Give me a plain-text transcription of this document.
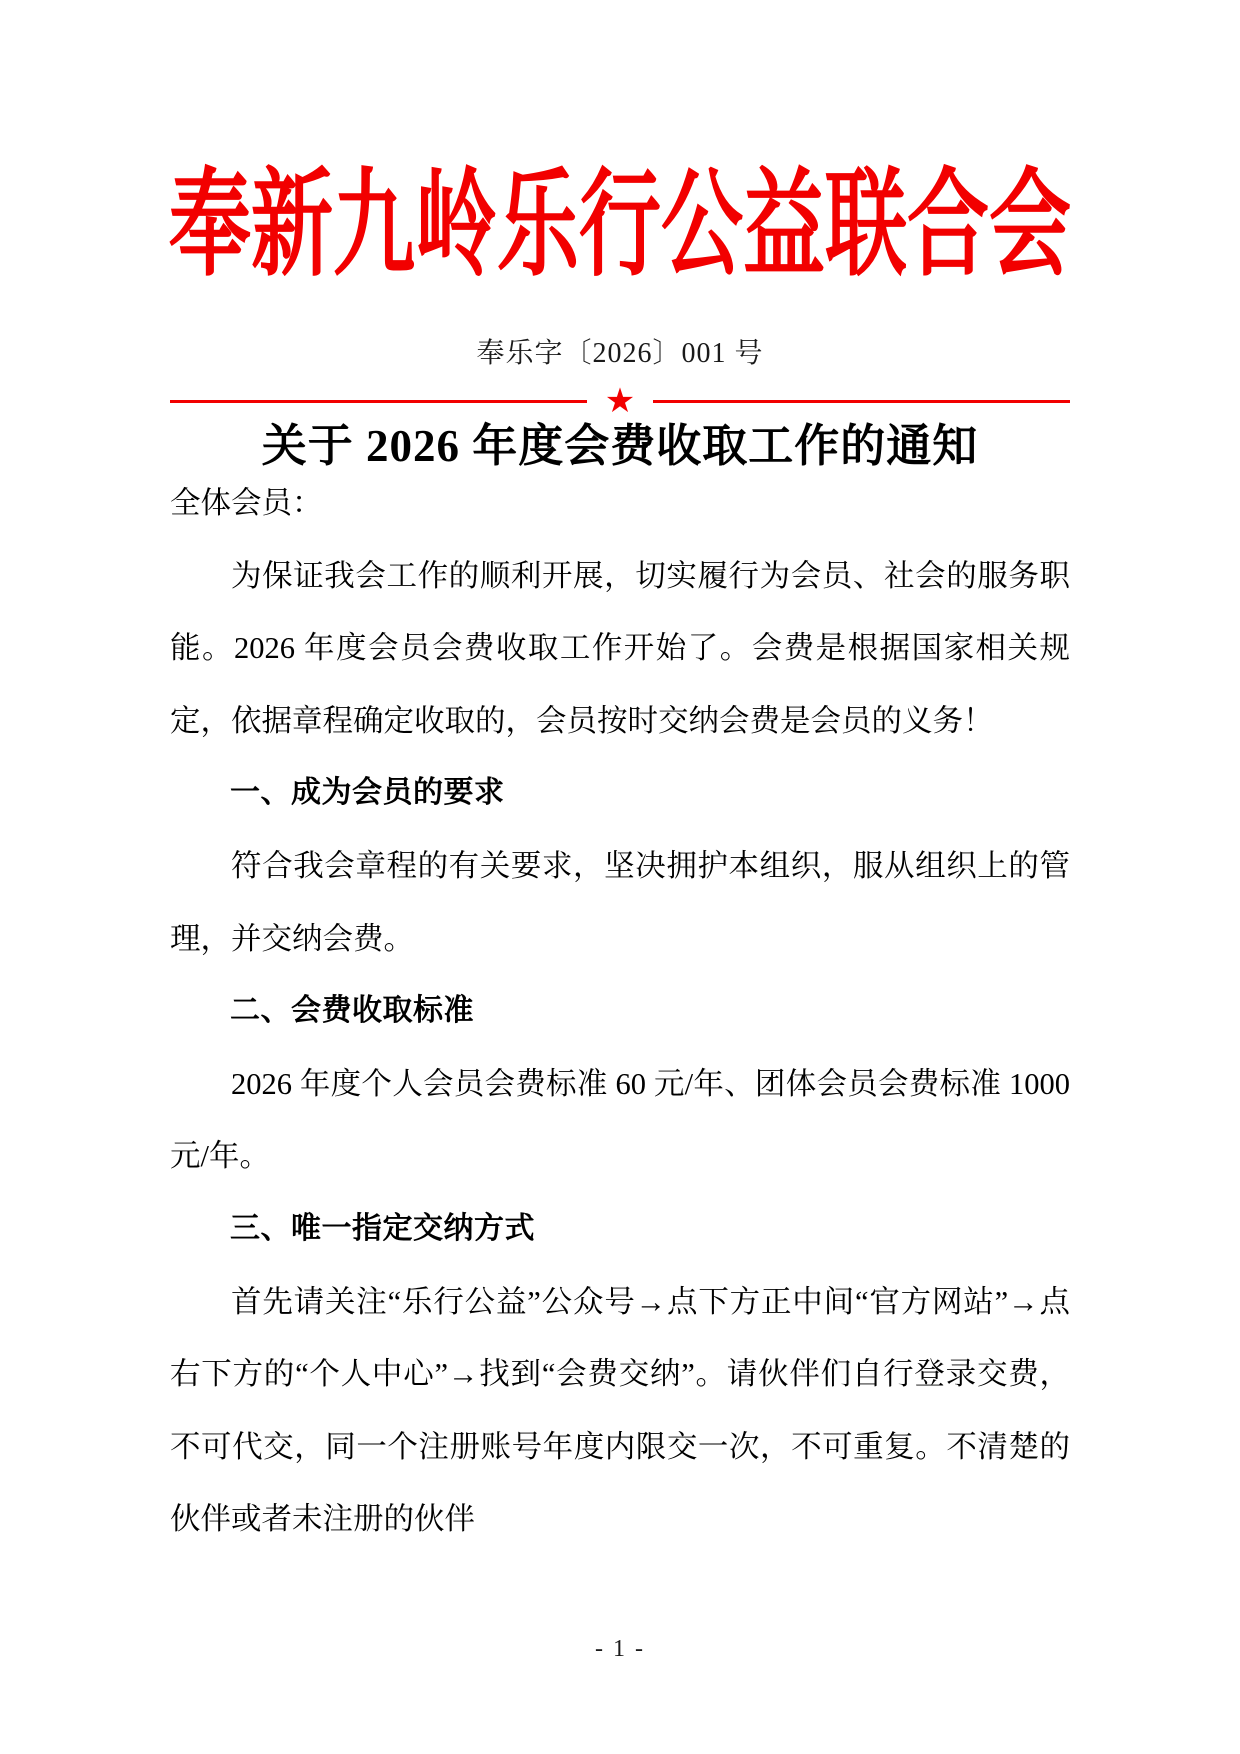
奉新九岭乐行公益联合会
奉乐字〔2026〕001 号
★
关于 2026 年度会费收取工作的通知

全体会员：

为保证我会工作的顺利开展，切实履行为会员、社会的服务职能。2026 年度会员会费收取工作开始了。会费是根据国家相关规定，依据章程确定收取的，会员按时交纳会费是会员的义务！

一、成为会员的要求

符合我会章程的有关要求，坚决拥护本组织，服从组织上的管理，并交纳会费。

二、会费收取标准

2026 年度个人会员会费标准 60 元/年、团体会员会费标准 1000 元/年。

三、唯一指定交纳方式

首先请关注“乐行公益”公众号→点下方正中间“官方网站”→点右下方的“个人中心”→找到“会费交纳”。请伙伴们自行登录交费，不可代交，同一个注册账号年度内限交一次，不可重复。不清楚的伙伴或者未注册的伙伴

- 1 -
